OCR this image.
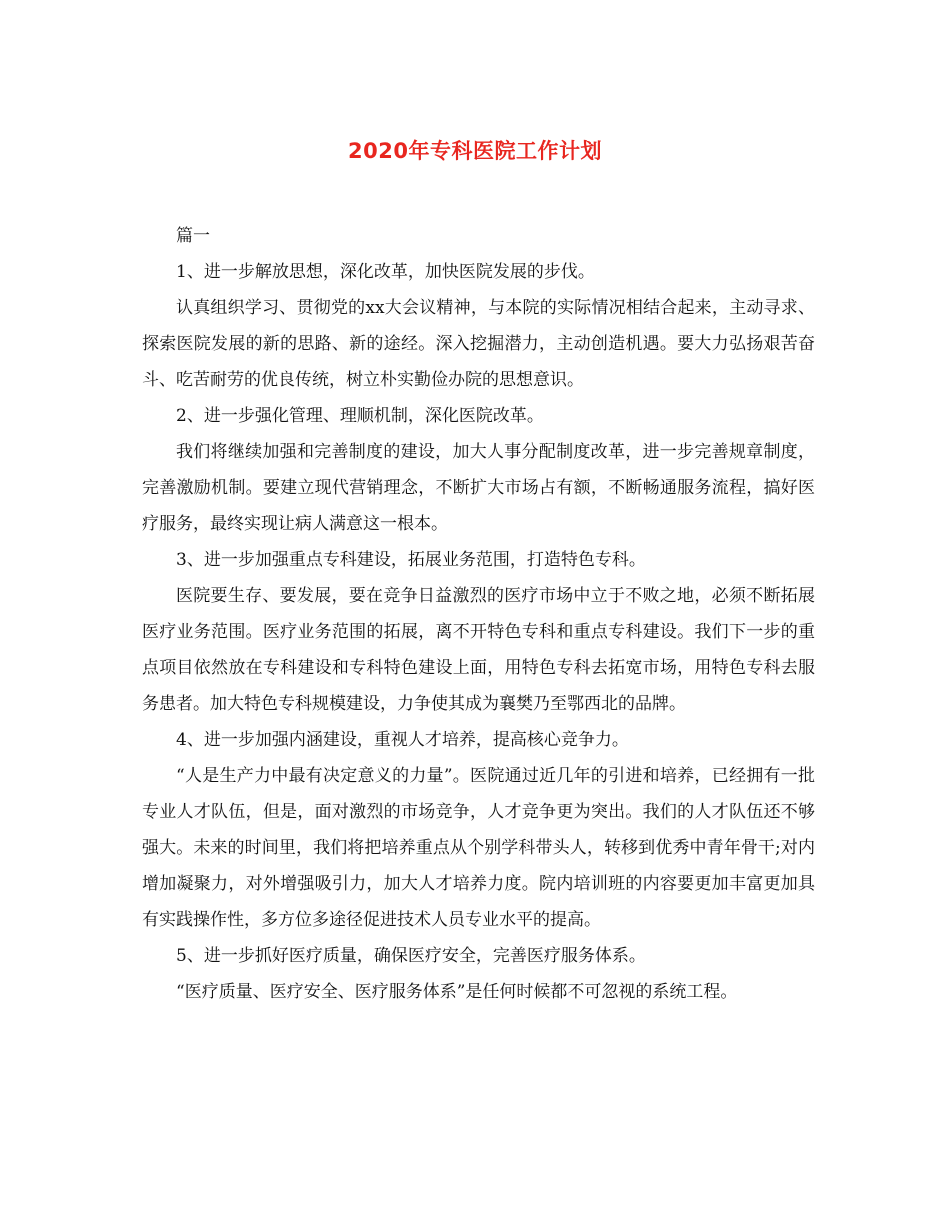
2020年专科医院工作计划

篇一

1、进一步解放思想，深化改革，加快医院发展的步伐。

认真组织学习、贯彻党的xx大会议精神，与本院的实际情况相结合起来，主动寻求、探索医院发展的新的思路、新的途经。深入挖掘潜力，主动创造机遇。要大力弘扬艰苦奋斗、吃苦耐劳的优良传统，树立朴实勤俭办院的思想意识。

2、进一步强化管理、理顺机制，深化医院改革。

我们将继续加强和完善制度的建设，加大人事分配制度改革，进一步完善规章制度，完善激励机制。要建立现代营销理念，不断扩大市场占有额，不断畅通服务流程，搞好医疗服务，最终实现让病人满意这一根本。

3、进一步加强重点专科建设，拓展业务范围，打造特色专科。

医院要生存、要发展，要在竞争日益激烈的医疗市场中立于不败之地，必须不断拓展医疗业务范围。医疗业务范围的拓展，离不开特色专科和重点专科建设。我们下一步的重点项目依然放在专科建设和专科特色建设上面，用特色专科去拓宽市场，用特色专科去服务患者。加大特色专科规模建设，力争使其成为襄樊乃至鄂西北的品牌。

4、进一步加强内涵建设，重视人才培养，提高核心竞争力。

“人是生产力中最有决定意义的力量”。医院通过近几年的引进和培养，已经拥有一批专业人才队伍，但是，面对激烈的市场竞争，人才竞争更为突出。我们的人才队伍还不够强大。未来的时间里，我们将把培养重点从个别学科带头人，转移到优秀中青年骨干;对内增加凝聚力，对外增强吸引力，加大人才培养力度。院内培训班的内容要更加丰富更加具有实践操作性，多方位多途径促进技术人员专业水平的提高。

5、进一步抓好医疗质量，确保医疗安全，完善医疗服务体系。

“医疗质量、医疗安全、医疗服务体系”是任何时候都不可忽视的系统工程。
